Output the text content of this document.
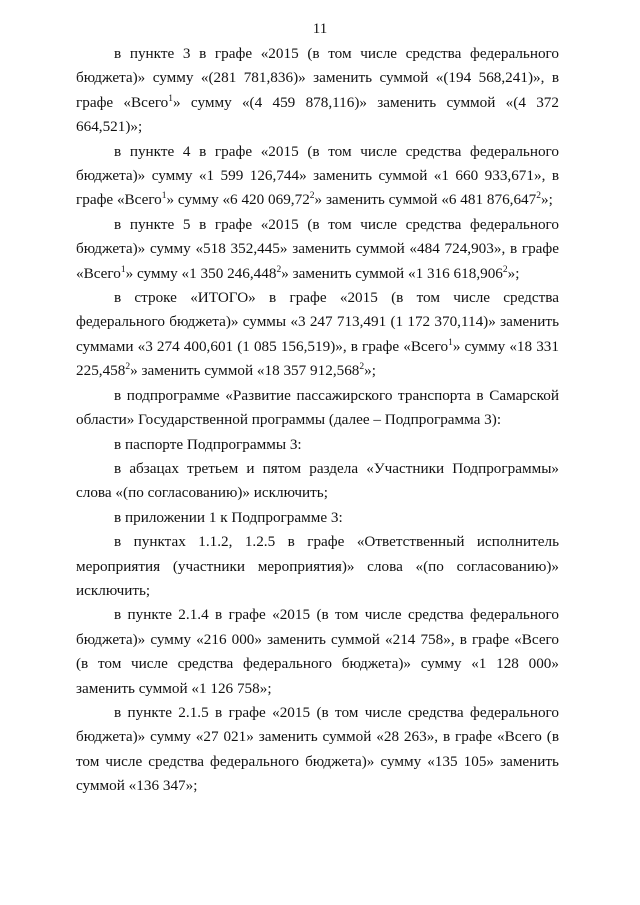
11

в пункте 3 в графе «2015 (в том числе средства федерального бюджета)» сумму «(281 781,836)» заменить суммой «(194 568,241)», в графе «Всего$^1$» сумму «(4 459 878,116)» заменить суммой «(4 372 664,521)»;

в пункте 4 в графе «2015 (в том числе средства федерального бюджета)» сумму «1 599 126,744» заменить суммой «1 660 933,671», в графе «Всего$^1$» сумму «6 420 069,72$^2$» заменить суммой «6 481 876,647$^2$»;

в пункте 5 в графе «2015 (в том числе средства федерального бюджета)» сумму «518 352,445» заменить суммой «484 724,903», в графе «Всего$^1$» сумму «1 350 246,448$^2$» заменить суммой «1 316 618,906$^2$»;

в строке «ИТОГО» в графе «2015 (в том числе средства федерального бюджета)» суммы «3 247 713,491 (1 172 370,114)» заменить суммами «3 274 400,601 (1 085 156,519)», в графе «Всего$^1$» сумму «18 331 225,458$^2$» заменить суммой «18 357 912,568$^2$»;

в подпрограмме «Развитие пассажирского транспорта в Самарской области» Государственной программы (далее – Подпрограмма 3):

в паспорте Подпрограммы 3:

в абзацах третьем и пятом раздела «Участники Подпрограммы» слова «(по согласованию)» исключить;

в приложении 1 к Подпрограмме 3:

в пунктах 1.1.2, 1.2.5 в графе «Ответственный исполнитель мероприятия (участники мероприятия)» слова «(по согласованию)» исключить;

в пункте 2.1.4 в графе «2015 (в том числе средства федерального бюджета)» сумму «216 000» заменить суммой «214 758», в графе «Всего (в том числе средства федерального бюджета)» сумму «1 128 000» заменить суммой «1 126 758»;

в пункте 2.1.5 в графе «2015 (в том числе средства федерального бюджета)» сумму «27 021» заменить суммой «28 263», в графе «Всего (в том числе средства федерального бюджета)» сумму «135 105» заменить суммой «136 347»;
